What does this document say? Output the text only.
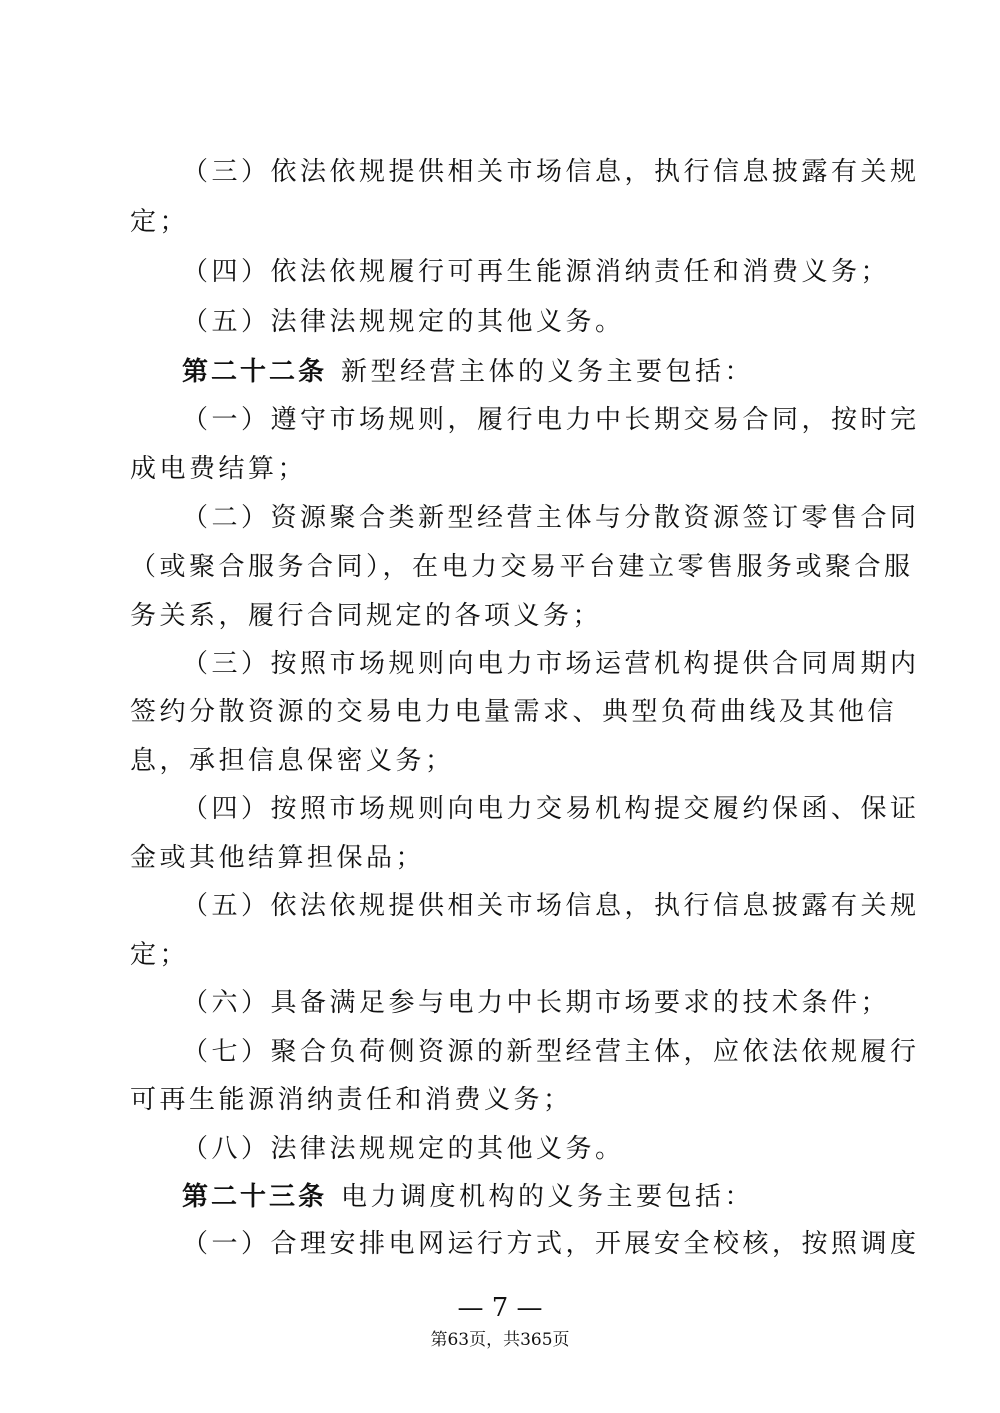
（三）依法依规提供相关市场信息，执行信息披露有关规

定；

（四）依法依规履行可再生能源消纳责任和消费义务；

（五）法律法规规定的其他义务。

第二十二条 新型经营主体的义务主要包括：

（一）遵守市场规则，履行电力中长期交易合同，按时完

成电费结算；

（二）资源聚合类新型经营主体与分散资源签订零售合同

（或聚合服务合同），在电力交易平台建立零售服务或聚合服

务关系，履行合同规定的各项义务；

（三）按照市场规则向电力市场运营机构提供合同周期内

签约分散资源的交易电力电量需求、典型负荷曲线及其他信

息，承担信息保密义务；

（四）按照市场规则向电力交易机构提交履约保函、保证

金或其他结算担保品；

（五）依法依规提供相关市场信息，执行信息披露有关规

定；

（六）具备满足参与电力中长期市场要求的技术条件；

（七）聚合负荷侧资源的新型经营主体，应依法依规履行

可再生能源消纳责任和消费义务；

（八）法律法规规定的其他义务。

第二十三条 电力调度机构的义务主要包括：

（一）合理安排电网运行方式，开展安全校核，按照调度

— 7 —
第63页，共365页
